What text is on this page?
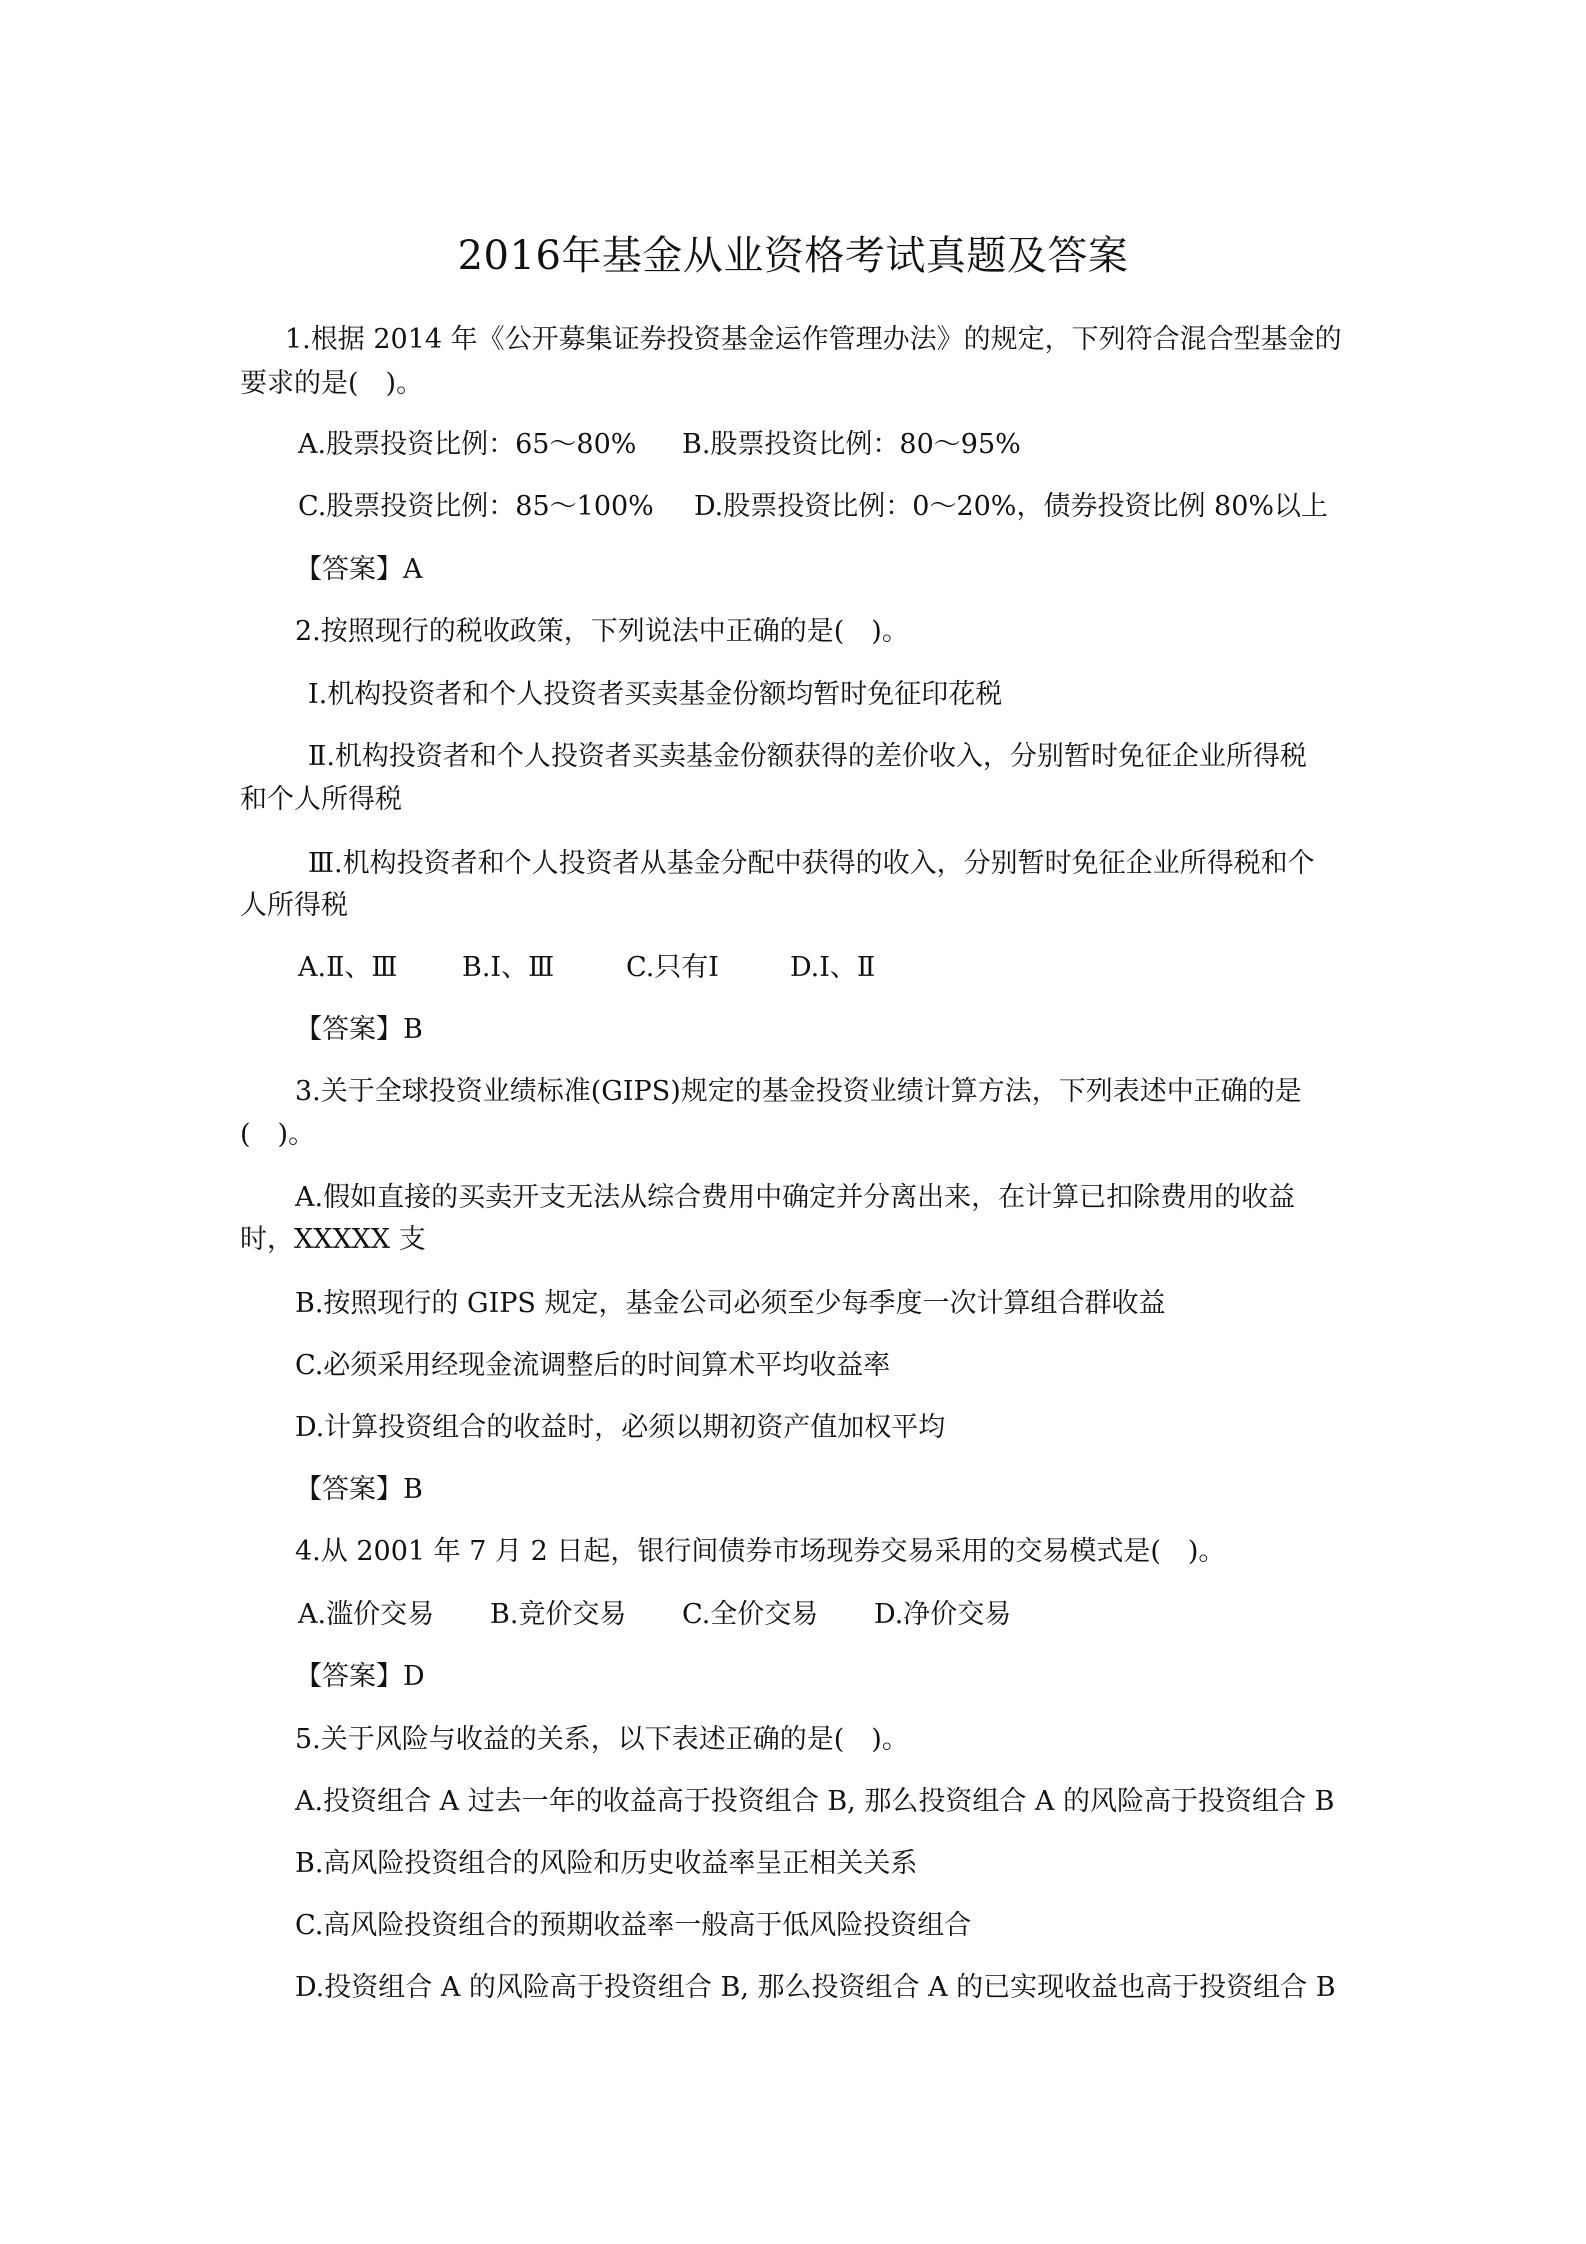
2016年基金从业资格考试真题及答案

1.根据 2014 年《公开募集证券投资基金运作管理办法》的规定，下列符合混合型基金的

要求的是(　)。

A.股票投资比例：65～80% B.股票投资比例：80～95%

C.股票投资比例：85～100% D.股票投资比例：0～20%，债券投资比例 80%以上

【答案】A

2.按照现行的税收政策，下列说法中正确的是(　)。

Ⅰ.机构投资者和个人投资者买卖基金份额均暂时免征印花税

Ⅱ.机构投资者和个人投资者买卖基金份额获得的差价收入，分别暂时免征企业所得税

和个人所得税

Ⅲ.机构投资者和个人投资者从基金分配中获得的收入，分别暂时免征企业所得税和个

人所得税

A.Ⅱ、Ⅲ B.Ⅰ、Ⅲ	C.只有Ⅰ	D.Ⅰ、Ⅱ

【答案】B

3.关于全球投资业绩标准(GIPS)规定的基金投资业绩计算方法，下列表述中正确的是

(　)。

A.假如直接的买卖开支无法从综合费用中确定并分离出来，在计算已扣除费用的收益

时，XXXXX 支

B.按照现行的 GIPS 规定，基金公司必须至少每季度一次计算组合群收益

C.必须采用经现金流调整后的时间算术平均收益率

D.计算投资组合的收益时，必须以期初资产值加权平均

【答案】B

4.从 2001 年 7 月 2 日起，银行间债券市场现券交易采用的交易模式是(　)。

A.滥价交易 B.竞价交易 C.全价交易 D.净价交易

【答案】D

5.关于风险与收益的关系，以下表述正确的是(　)。

A.投资组合 A 过去一年的收益高于投资组合 B, 那么投资组合 A 的风险高于投资组合 B

B.高风险投资组合的风险和历史收益率呈正相关关系

C.高风险投资组合的预期收益率一般高于低风险投资组合

D.投资组合 A 的风险高于投资组合 B, 那么投资组合 A 的已实现收益也高于投资组合 B
